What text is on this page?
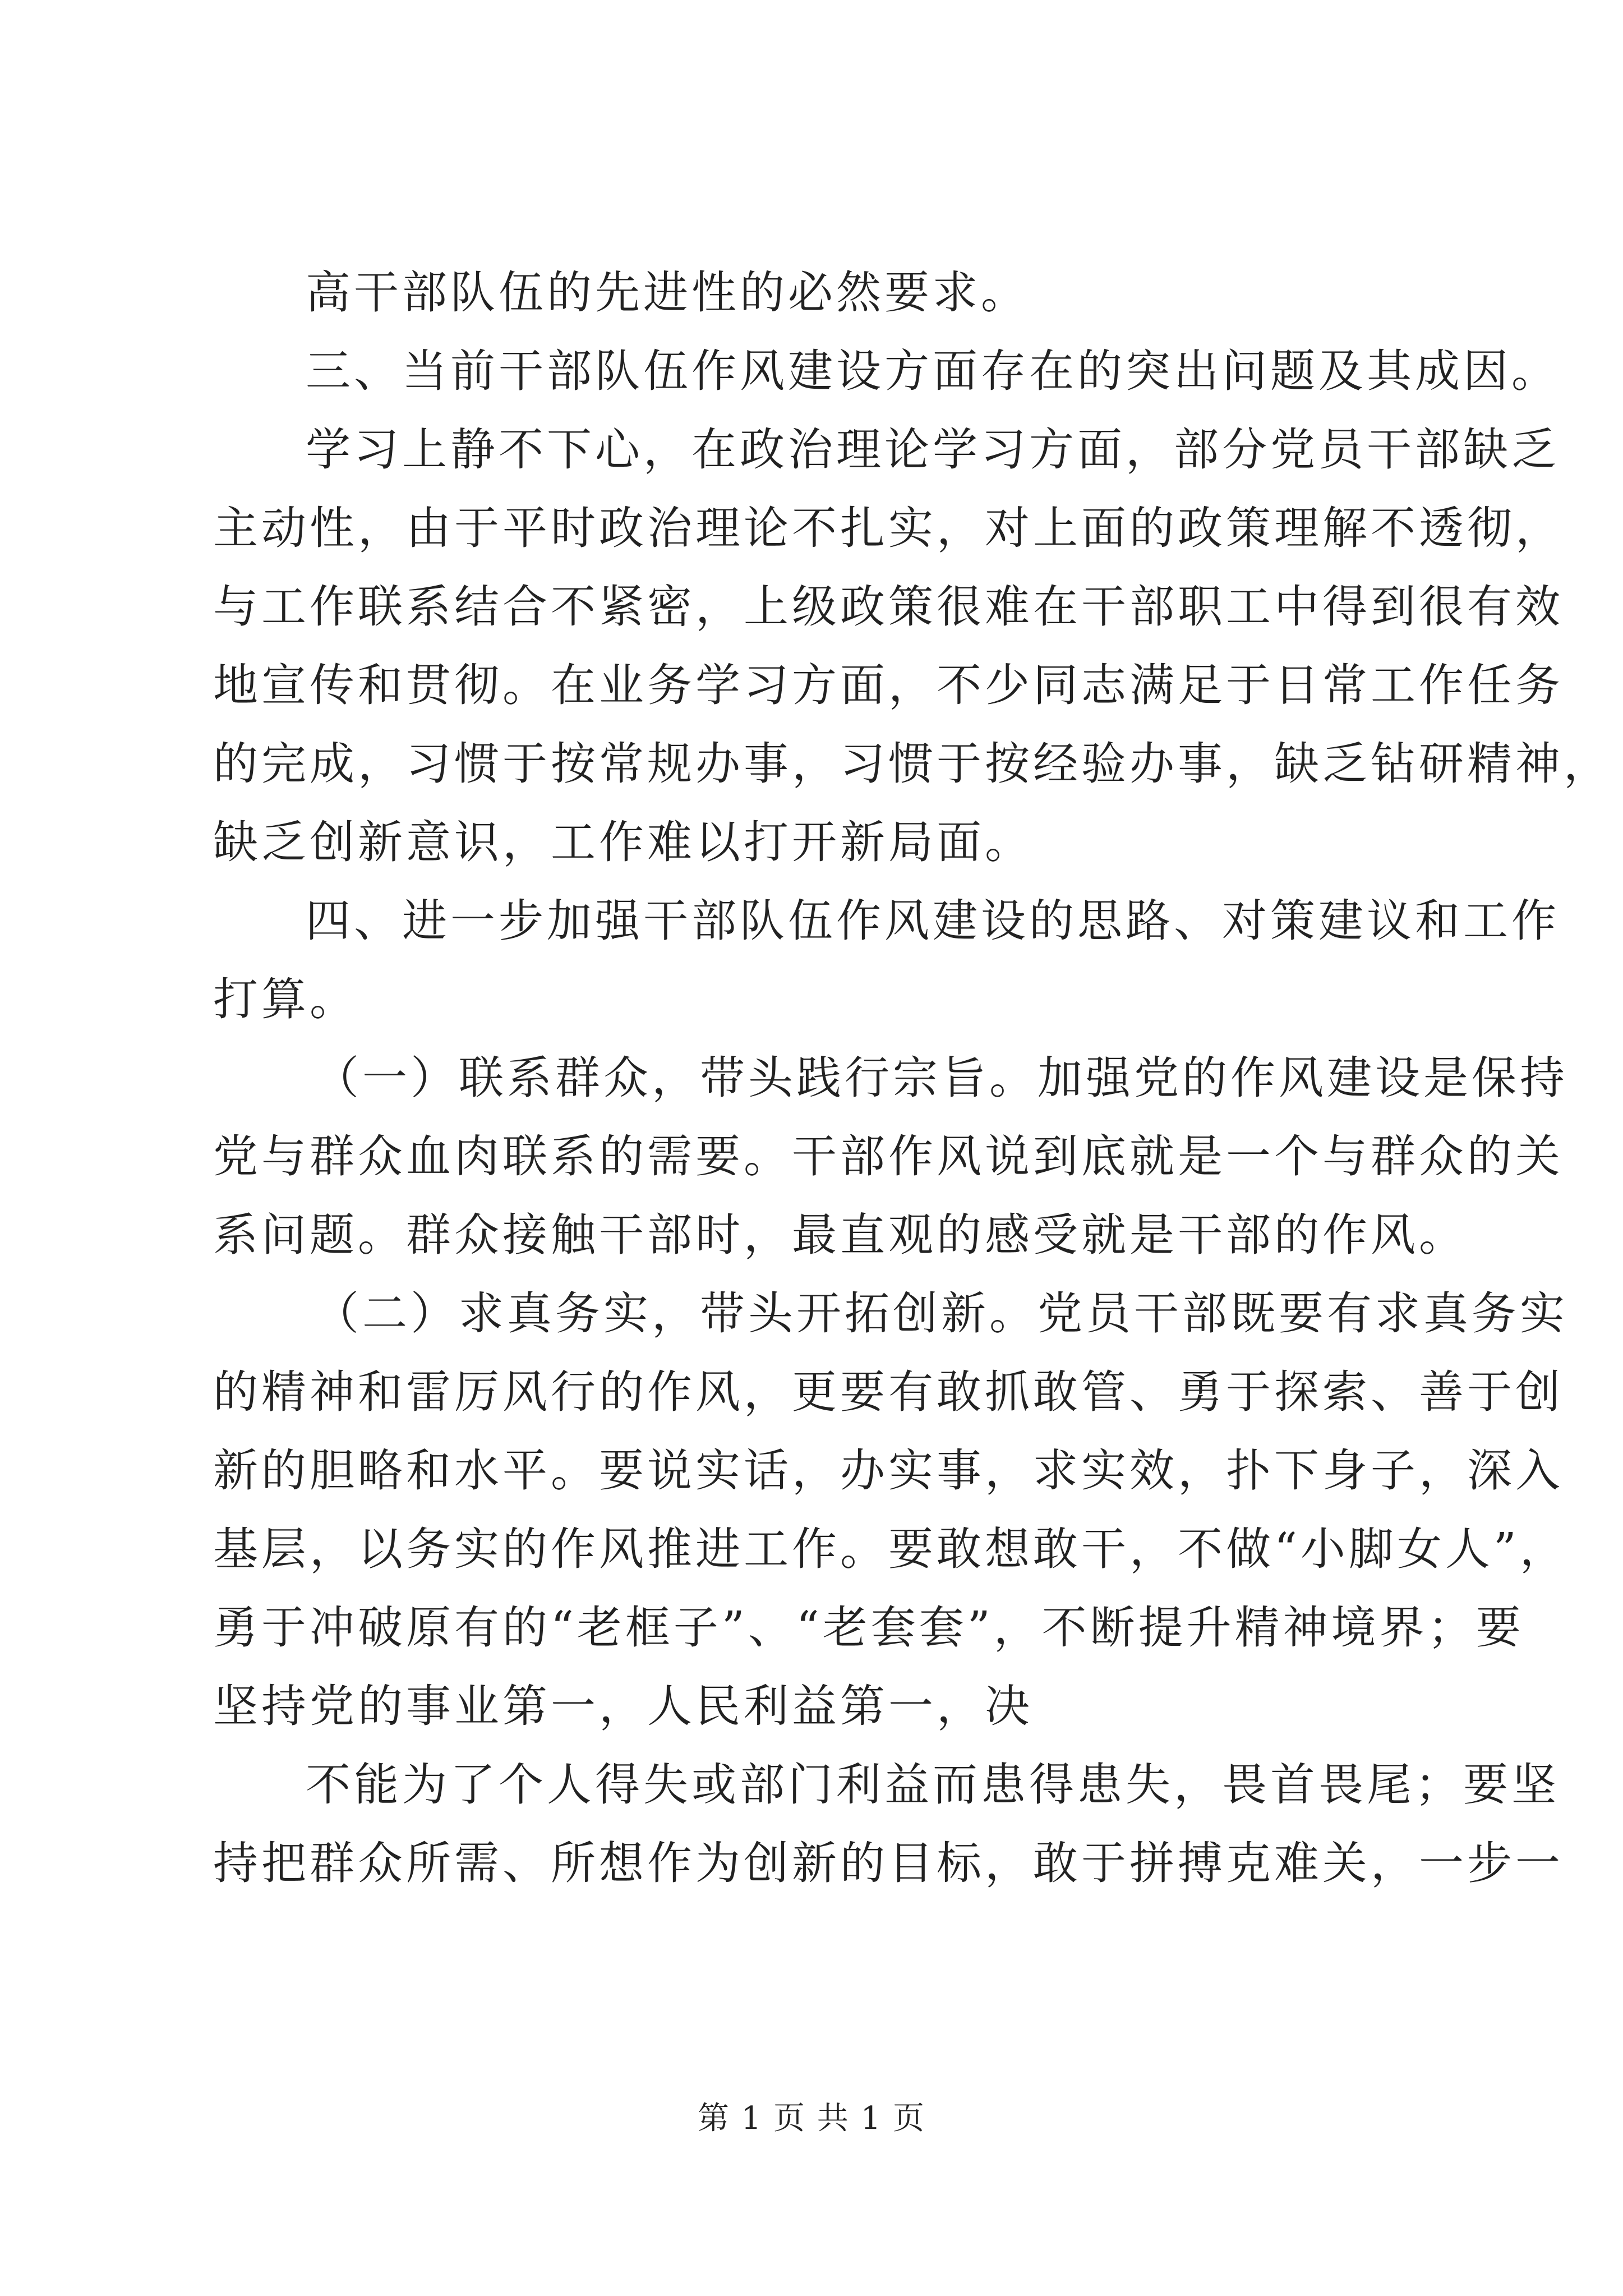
高干部队伍的先进性的必然要求。
三、当前干部队伍作风建设方面存在的突出问题及其成因。
学习上静不下心，在政治理论学习方面，部分党员干部缺乏
主动性，由于平时政治理论不扎实，对上面的政策理解不透彻，
与工作联系结合不紧密，上级政策很难在干部职工中得到很有效
地宣传和贯彻。在业务学习方面，不少同志满足于日常工作任务
的完成，习惯于按常规办事，习惯于按经验办事，缺乏钻研精神，
缺乏创新意识，工作难以打开新局面。
四、进一步加强干部队伍作风建设的思路、对策建议和工作
打算。
（一）联系群众，带头践行宗旨。加强党的作风建设是保持
党与群众血肉联系的需要。干部作风说到底就是一个与群众的关
系问题。群众接触干部时，最直观的感受就是干部的作风。
（二）求真务实，带头开拓创新。党员干部既要有求真务实
的精神和雷厉风行的作风，更要有敢抓敢管、勇于探索、善于创
新的胆略和水平。要说实话，办实事，求实效，扑下身子，深入
基层，以务实的作风推进工作。要敢想敢干，不做“小脚女人”，
勇于冲破原有的“老框子”、“老套套”，不断提升精神境界；要
坚持党的事业第一，人民利益第一，决
不能为了个人得失或部门利益而患得患失，畏首畏尾；要坚
持把群众所需、所想作为创新的目标，敢于拼搏克难关，一步一
第 1 页 共 1 页
